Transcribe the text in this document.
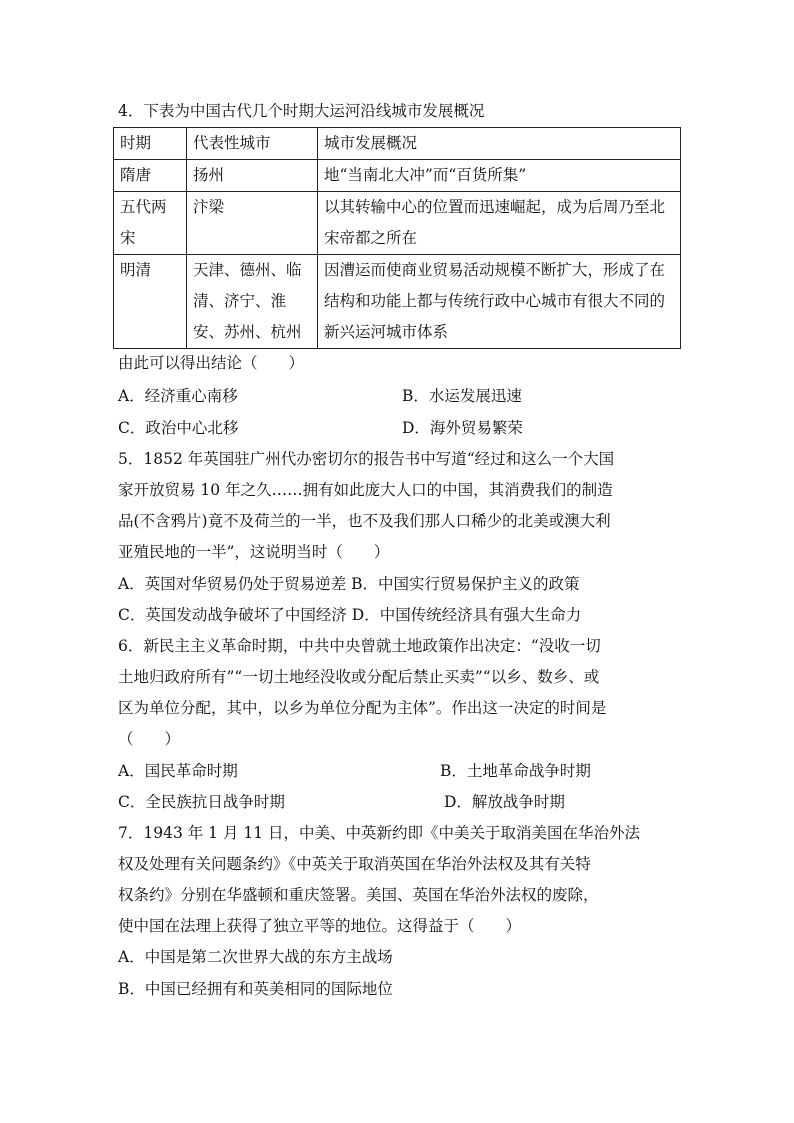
4．下表为中国古代几个时期大运河沿线城市发展概况
时期	代表性城市	城市发展概况
隋唐	扬州	地“当南北大冲”而“百货所集”
五代两宋	汴梁	以其转输中心的位置而迅速崛起，成为后周乃至北宋帝都之所在
明清	天津、德州、临清、济宁、淮安、苏州、杭州	因漕运而使商业贸易活动规模不断扩大，形成了在结构和功能上都与传统行政中心城市有很大不同的新兴运河城市体系
由此可以得出结论（　　）
A．经济重心南移	B．水运发展迅速
C．政治中心北移	D．海外贸易繁荣
5．1852 年英国驻广州代办密切尔的报告书中写道“经过和这么一个大国
家开放贸易 10 年之久……拥有如此庞大人口的中国，其消费我们的制造
品(不含鸦片)竟不及荷兰的一半，也不及我们那人口稀少的北美或澳大利
亚殖民地的一半”，这说明当时（　　）
A．英国对华贸易仍处于贸易逆差 B．中国实行贸易保护主义的政策
C．英国发动战争破坏了中国经济 D．中国传统经济具有强大生命力
6．新民主主义革命时期，中共中央曾就土地政策作出决定：“没收一切
土地归政府所有”“一切土地经没收或分配后禁止买卖”“以乡、数乡、或
区为单位分配，其中，以乡为单位分配为主体”。作出这一决定的时间是
（　　）
A．国民革命时期	B．土地革命战争时期
C．全民族抗日战争时期	D．解放战争时期
7．1943 年 1 月 11 日，中美、中英新约即《中美关于取消美国在华治外法
权及处理有关问题条约》《中英关于取消英国在华治外法权及其有关特
权条约》分别在华盛顿和重庆签署。美国、英国在华治外法权的废除，
使中国在法理上获得了独立平等的地位。这得益于（　　）
A．中国是第二次世界大战的东方主战场
B．中国已经拥有和英美相同的国际地位
